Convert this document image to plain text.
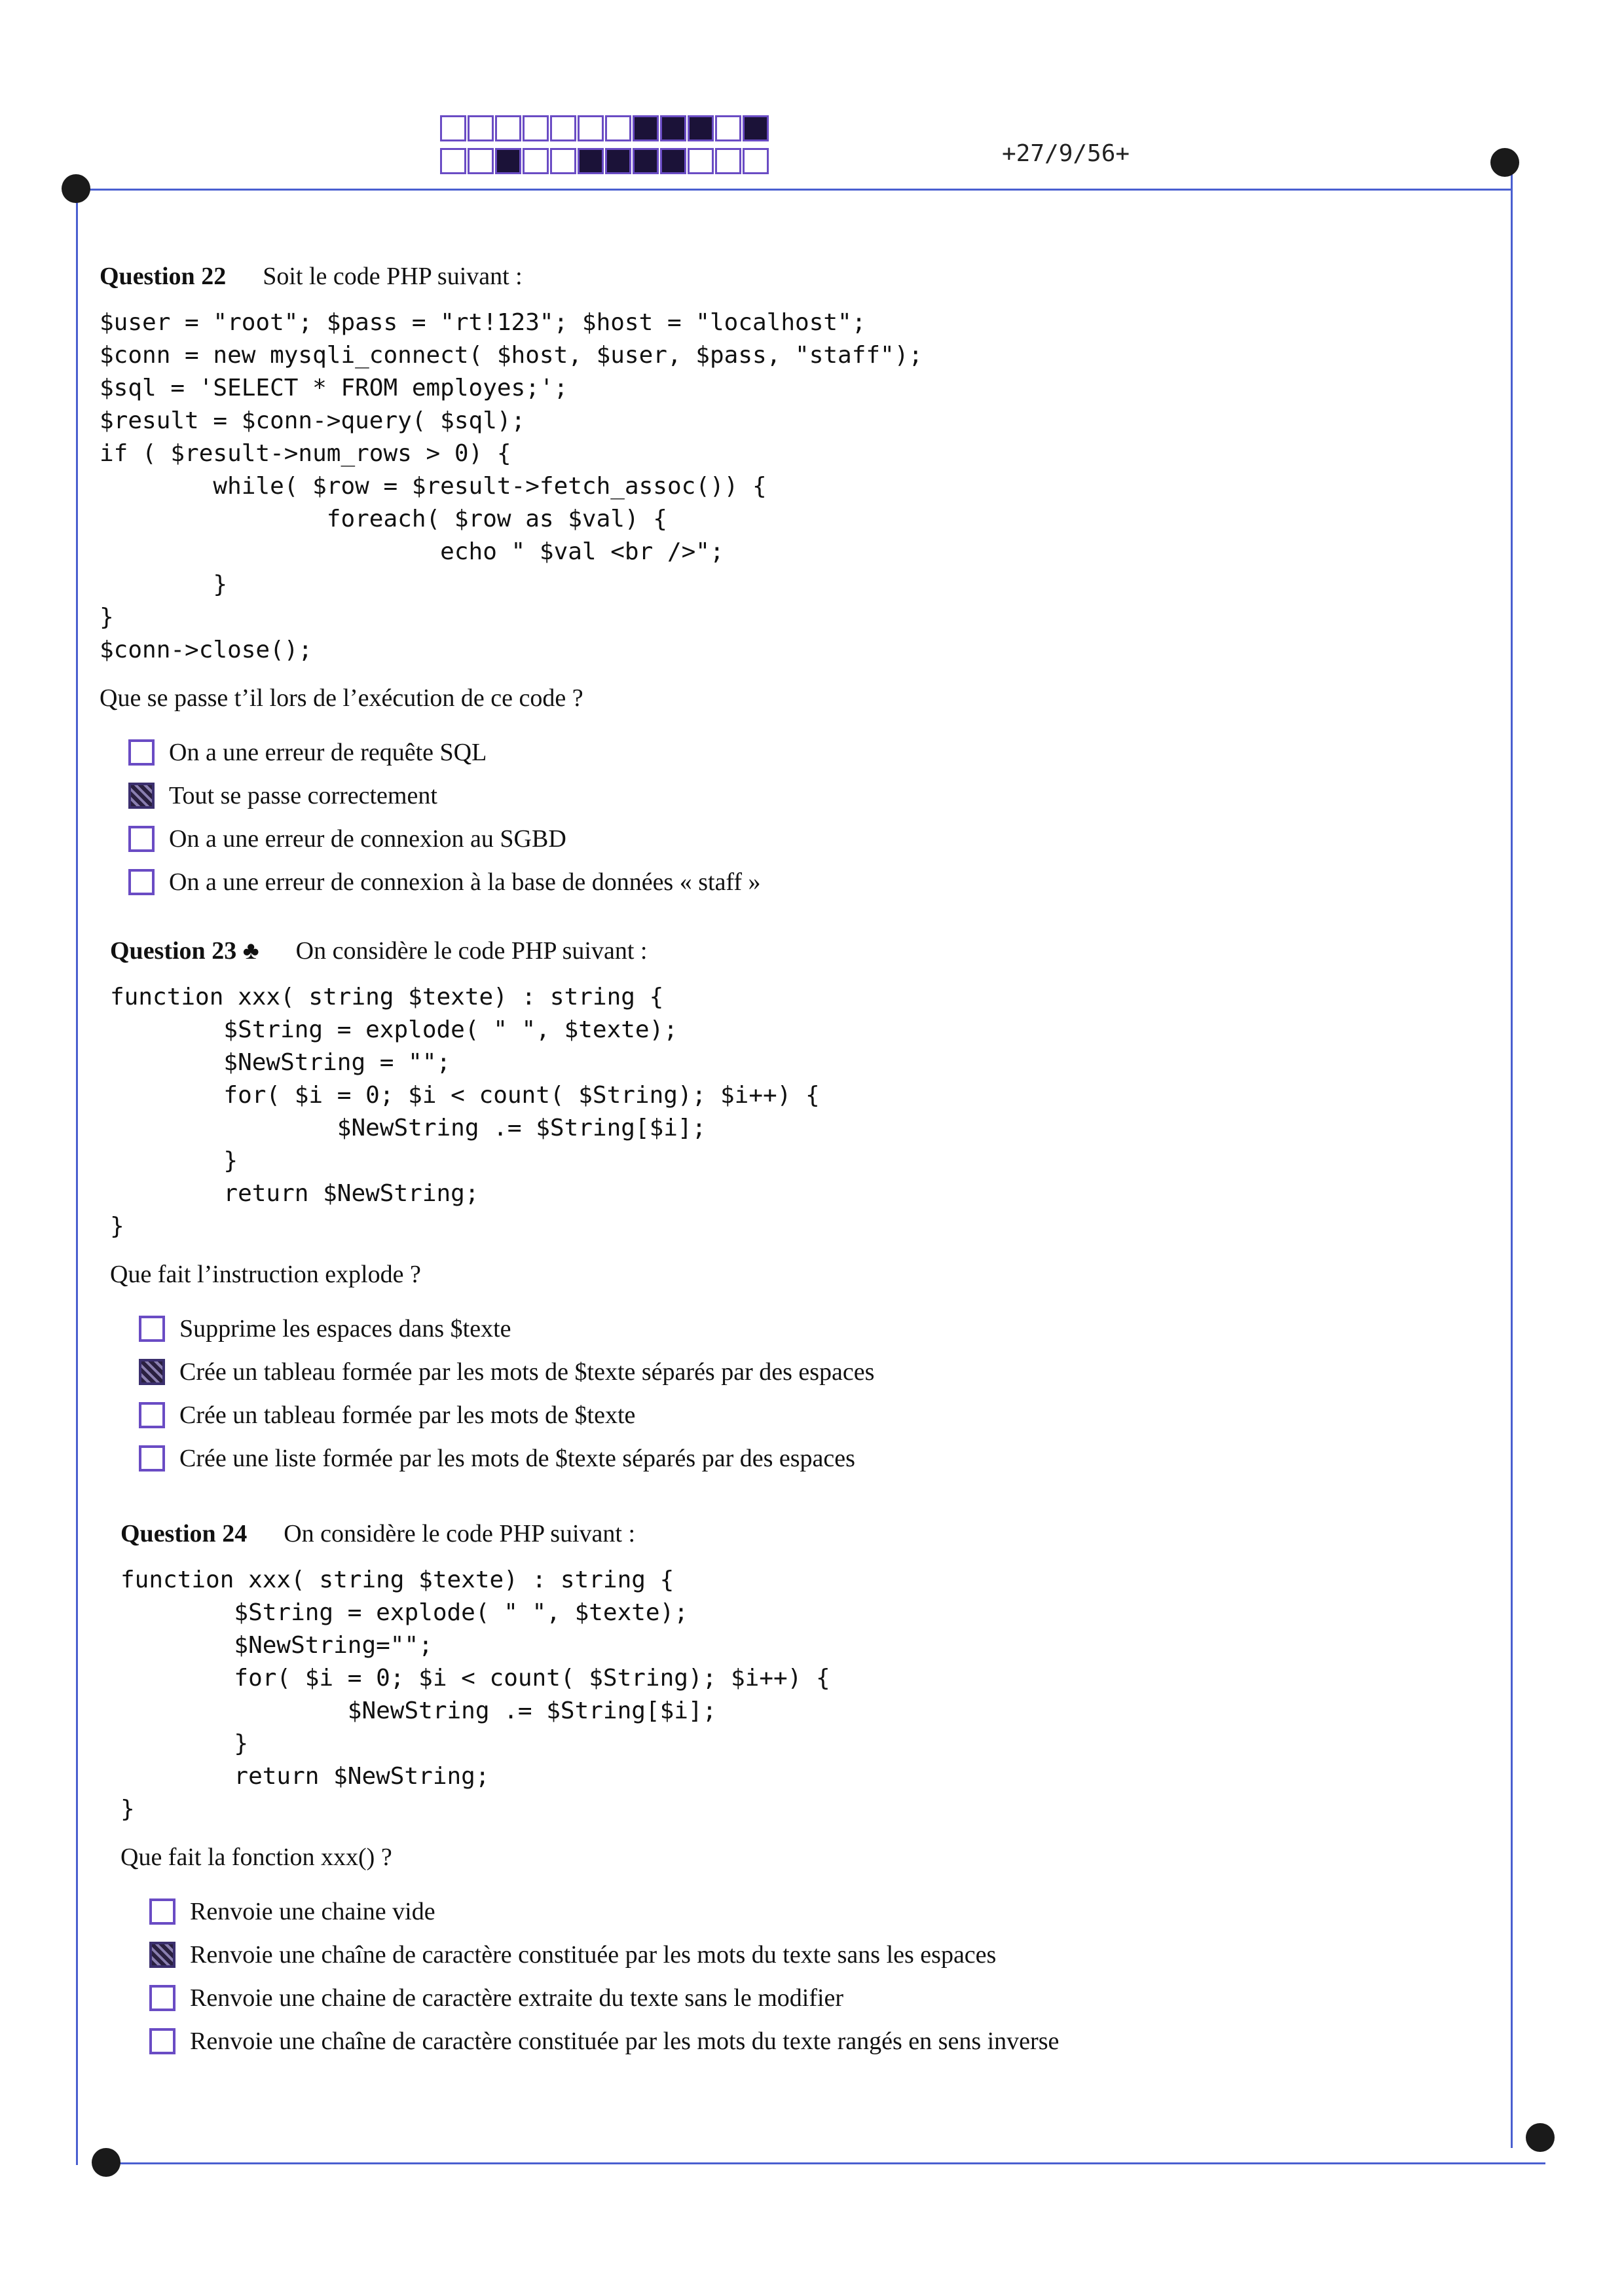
+27/9/56+
Question 22 Soit le code PHP suivant :
$user = "root"; $pass = "rt!123"; $host = "localhost";
$conn = new mysqli_connect( $host, $user, $pass, "staff");
$sql = 'SELECT * FROM employes;';
$result = $conn->query( $sql);
if ( $result->num_rows > 0) {
while( $row = $result->fetch_assoc()) {
foreach( $row as $val) {
echo " $val <br />";
}
}
$conn->close();
Que se passe t’il lors de l’exécution de ce code ?
On a une erreur de requête SQL
Tout se passe correctement
On a une erreur de connexion au SGBD
On a une erreur de connexion à la base de données « staff »
Question 23 ♣ On considère le code PHP suivant :
function xxx( string $texte) : string {
$String = explode( " ", $texte);
$NewString = "";
for( $i = 0; $i < count( $String); $i++) {
$NewString .= $String[$i];
}
return $NewString;
}
Que fait l’instruction explode ?
Supprime les espaces dans $texte
Crée un tableau formée par les mots de $texte séparés par des espaces
Crée un tableau formée par les mots de $texte
Crée une liste formée par les mots de $texte séparés par des espaces
Question 24 On considère le code PHP suivant :
function xxx( string $texte) : string {
$String = explode( " ", $texte);
$NewString="";
for( $i = 0; $i < count( $String); $i++) {
$NewString .= $String[$i];
}
return $NewString;
}
Que fait la fonction xxx() ?
Renvoie une chaine vide
Renvoie une chaîne de caractère constituée par les mots du texte sans les espaces
Renvoie une chaine de caractère extraite du texte sans le modifier
Renvoie une chaîne de caractère constituée par les mots du texte rangés en sens inverse
